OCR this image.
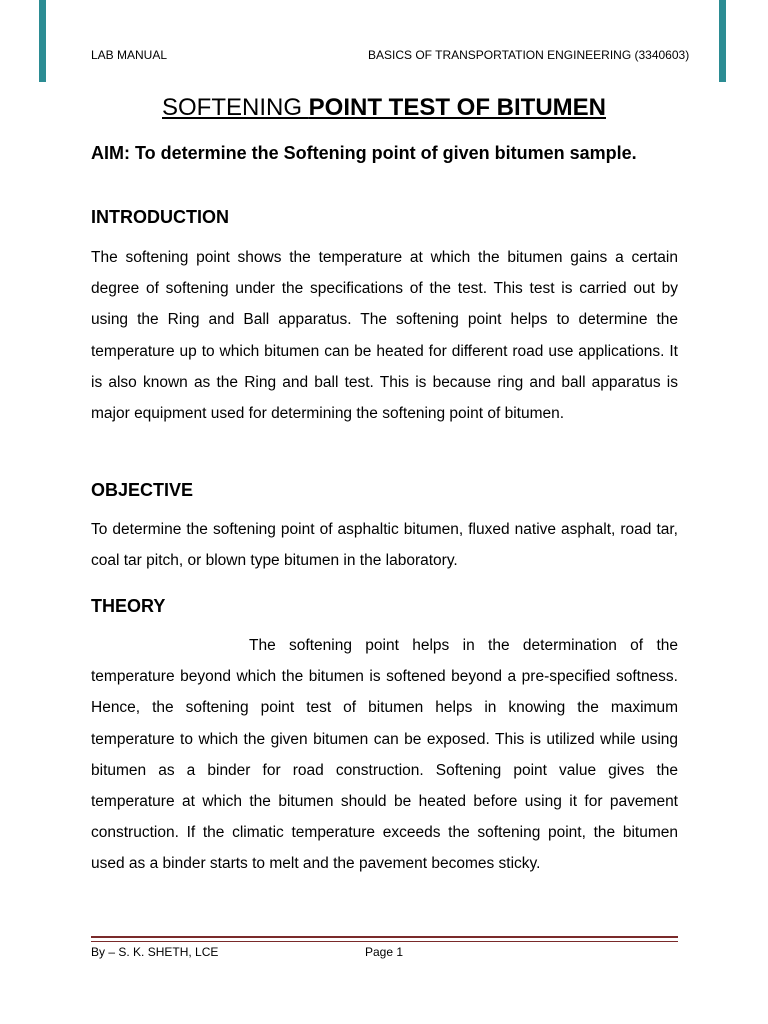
LAB MANUAL	BASICS OF TRANSPORTATION ENGINEERING (3340603)
SOFTENING POINT TEST OF BITUMEN
AIM: To determine the Softening point of given bitumen sample.
INTRODUCTION
The softening point shows the temperature at which the bitumen gains a certain degree of softening under the specifications of the test. This test is carried out by using the Ring and Ball apparatus. The softening point helps to determine the temperature up to which bitumen can be heated for different road use applications. It is also known as the Ring and ball test. This is because ring and ball apparatus is major equipment used for determining the softening point of bitumen.
OBJECTIVE
To determine the softening point of asphaltic bitumen, fluxed native asphalt, road tar, coal tar pitch, or blown type bitumen in the laboratory.
THEORY
The softening point helps in the determination of the temperature beyond which the bitumen is softened beyond a pre-specified softness. Hence, the softening point test of bitumen helps in knowing the maximum temperature to which the given bitumen can be exposed. This is utilized while using bitumen as a binder for road construction. Softening point value gives the temperature at which the bitumen should be heated before using it for pavement construction. If the climatic temperature exceeds the softening point, the bitumen used as a binder starts to melt and the pavement becomes sticky.
By – S. K. SHETH, LCE	Page 1
